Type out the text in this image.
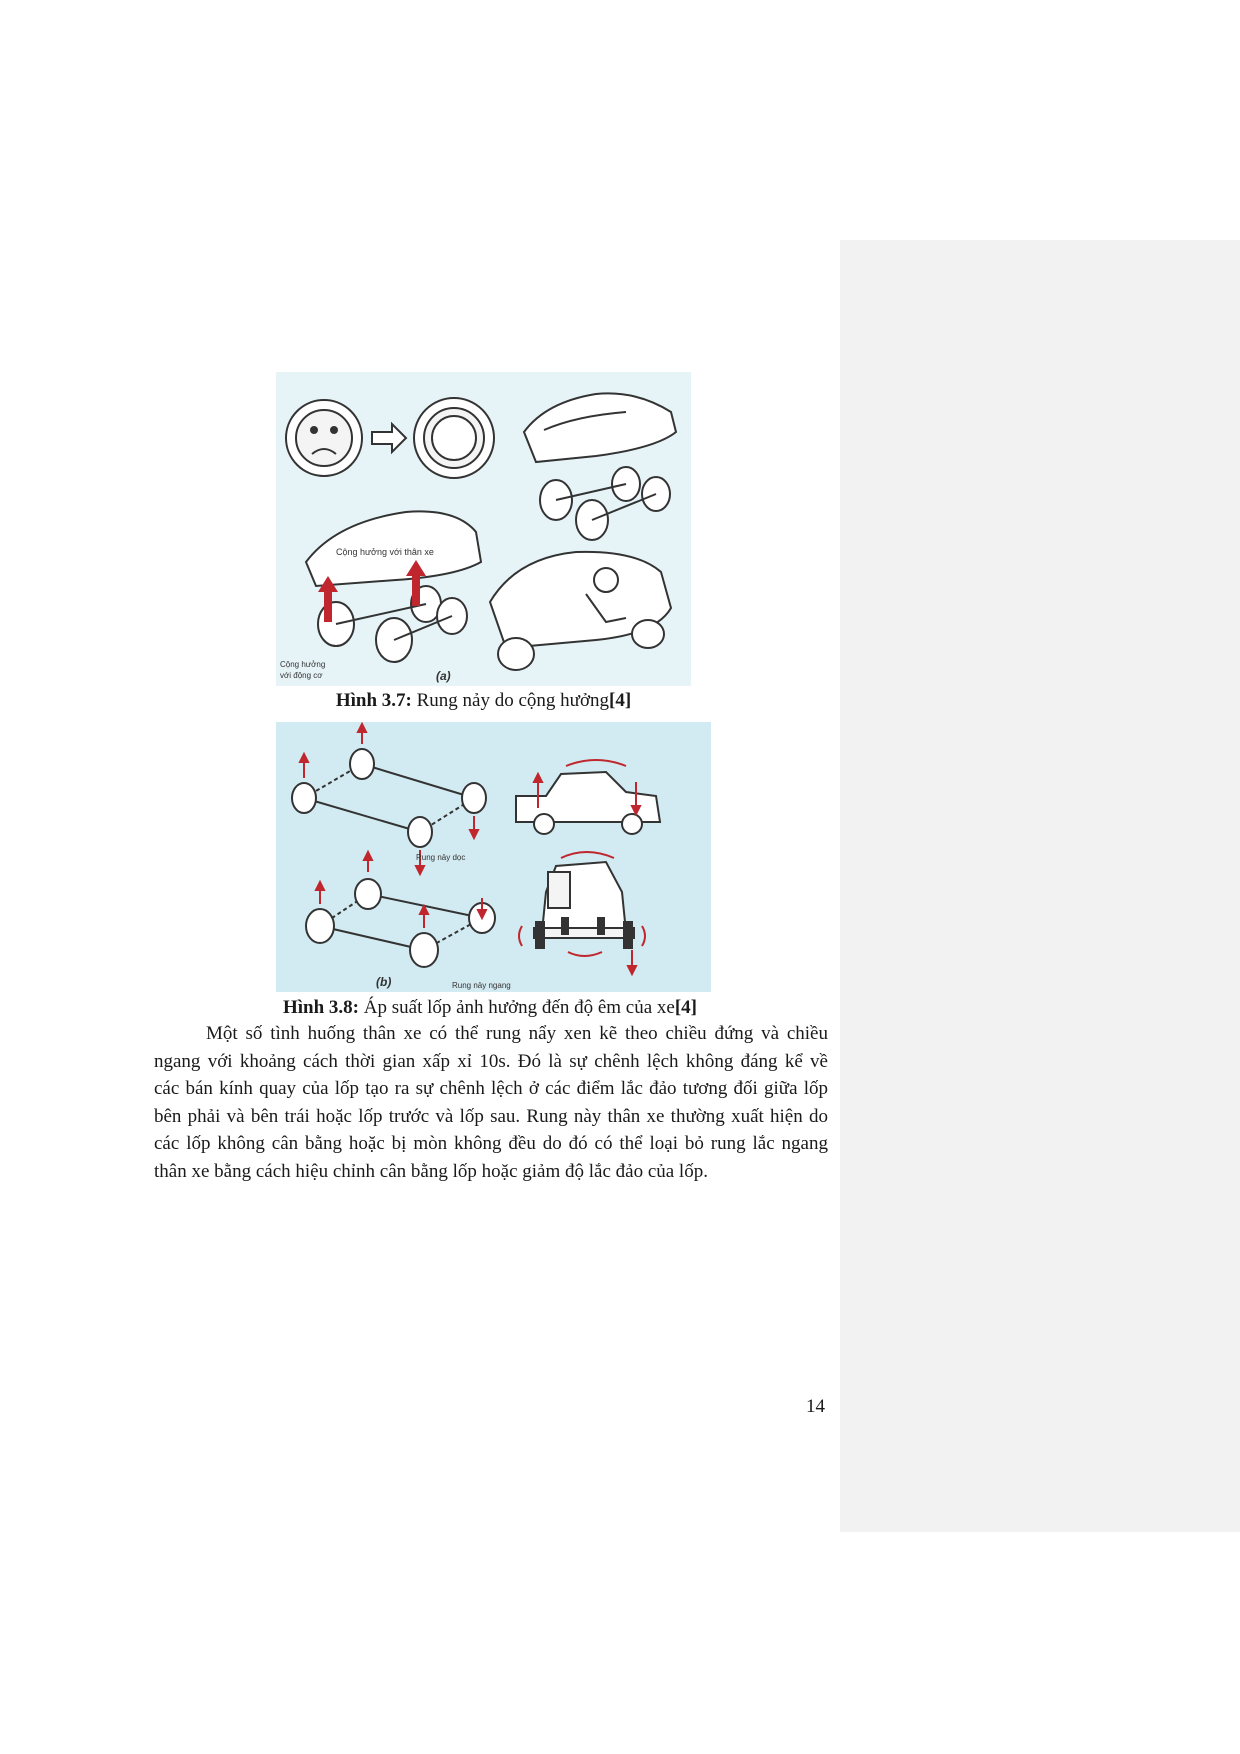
Cộng hưởng với thân xe
Cộng hưởng
với động cơ	(a)
Hình 3.7: Rung nảy do cộng hưởng[4]
Rung nảy dọc
(b)	Rung nảy ngang
Hình 3.8: Áp suất lốp ảnh hưởng đến độ êm của xe[4]
Một số tình huống thân xe có thể rung nẩy xen kẽ theo chiều đứng và chiều
ngang với khoảng cách thời gian xấp xỉ 10s. Đó là sự chênh lệch không đáng kể về
các bán kính quay của lốp tạo ra sự chênh lệch ở các điểm lắc đảo tương đối giữa lốp
bên phải và bên trái hoặc lốp trước và lốp sau. Rung này thân xe thường xuất hiện do
các lốp không cân bằng hoặc bị mòn không đều do đó có thể loại bỏ rung lắc ngang
thân xe bằng cách hiệu chỉnh cân bằng lốp hoặc giảm độ lắc đảo của lốp.
14
